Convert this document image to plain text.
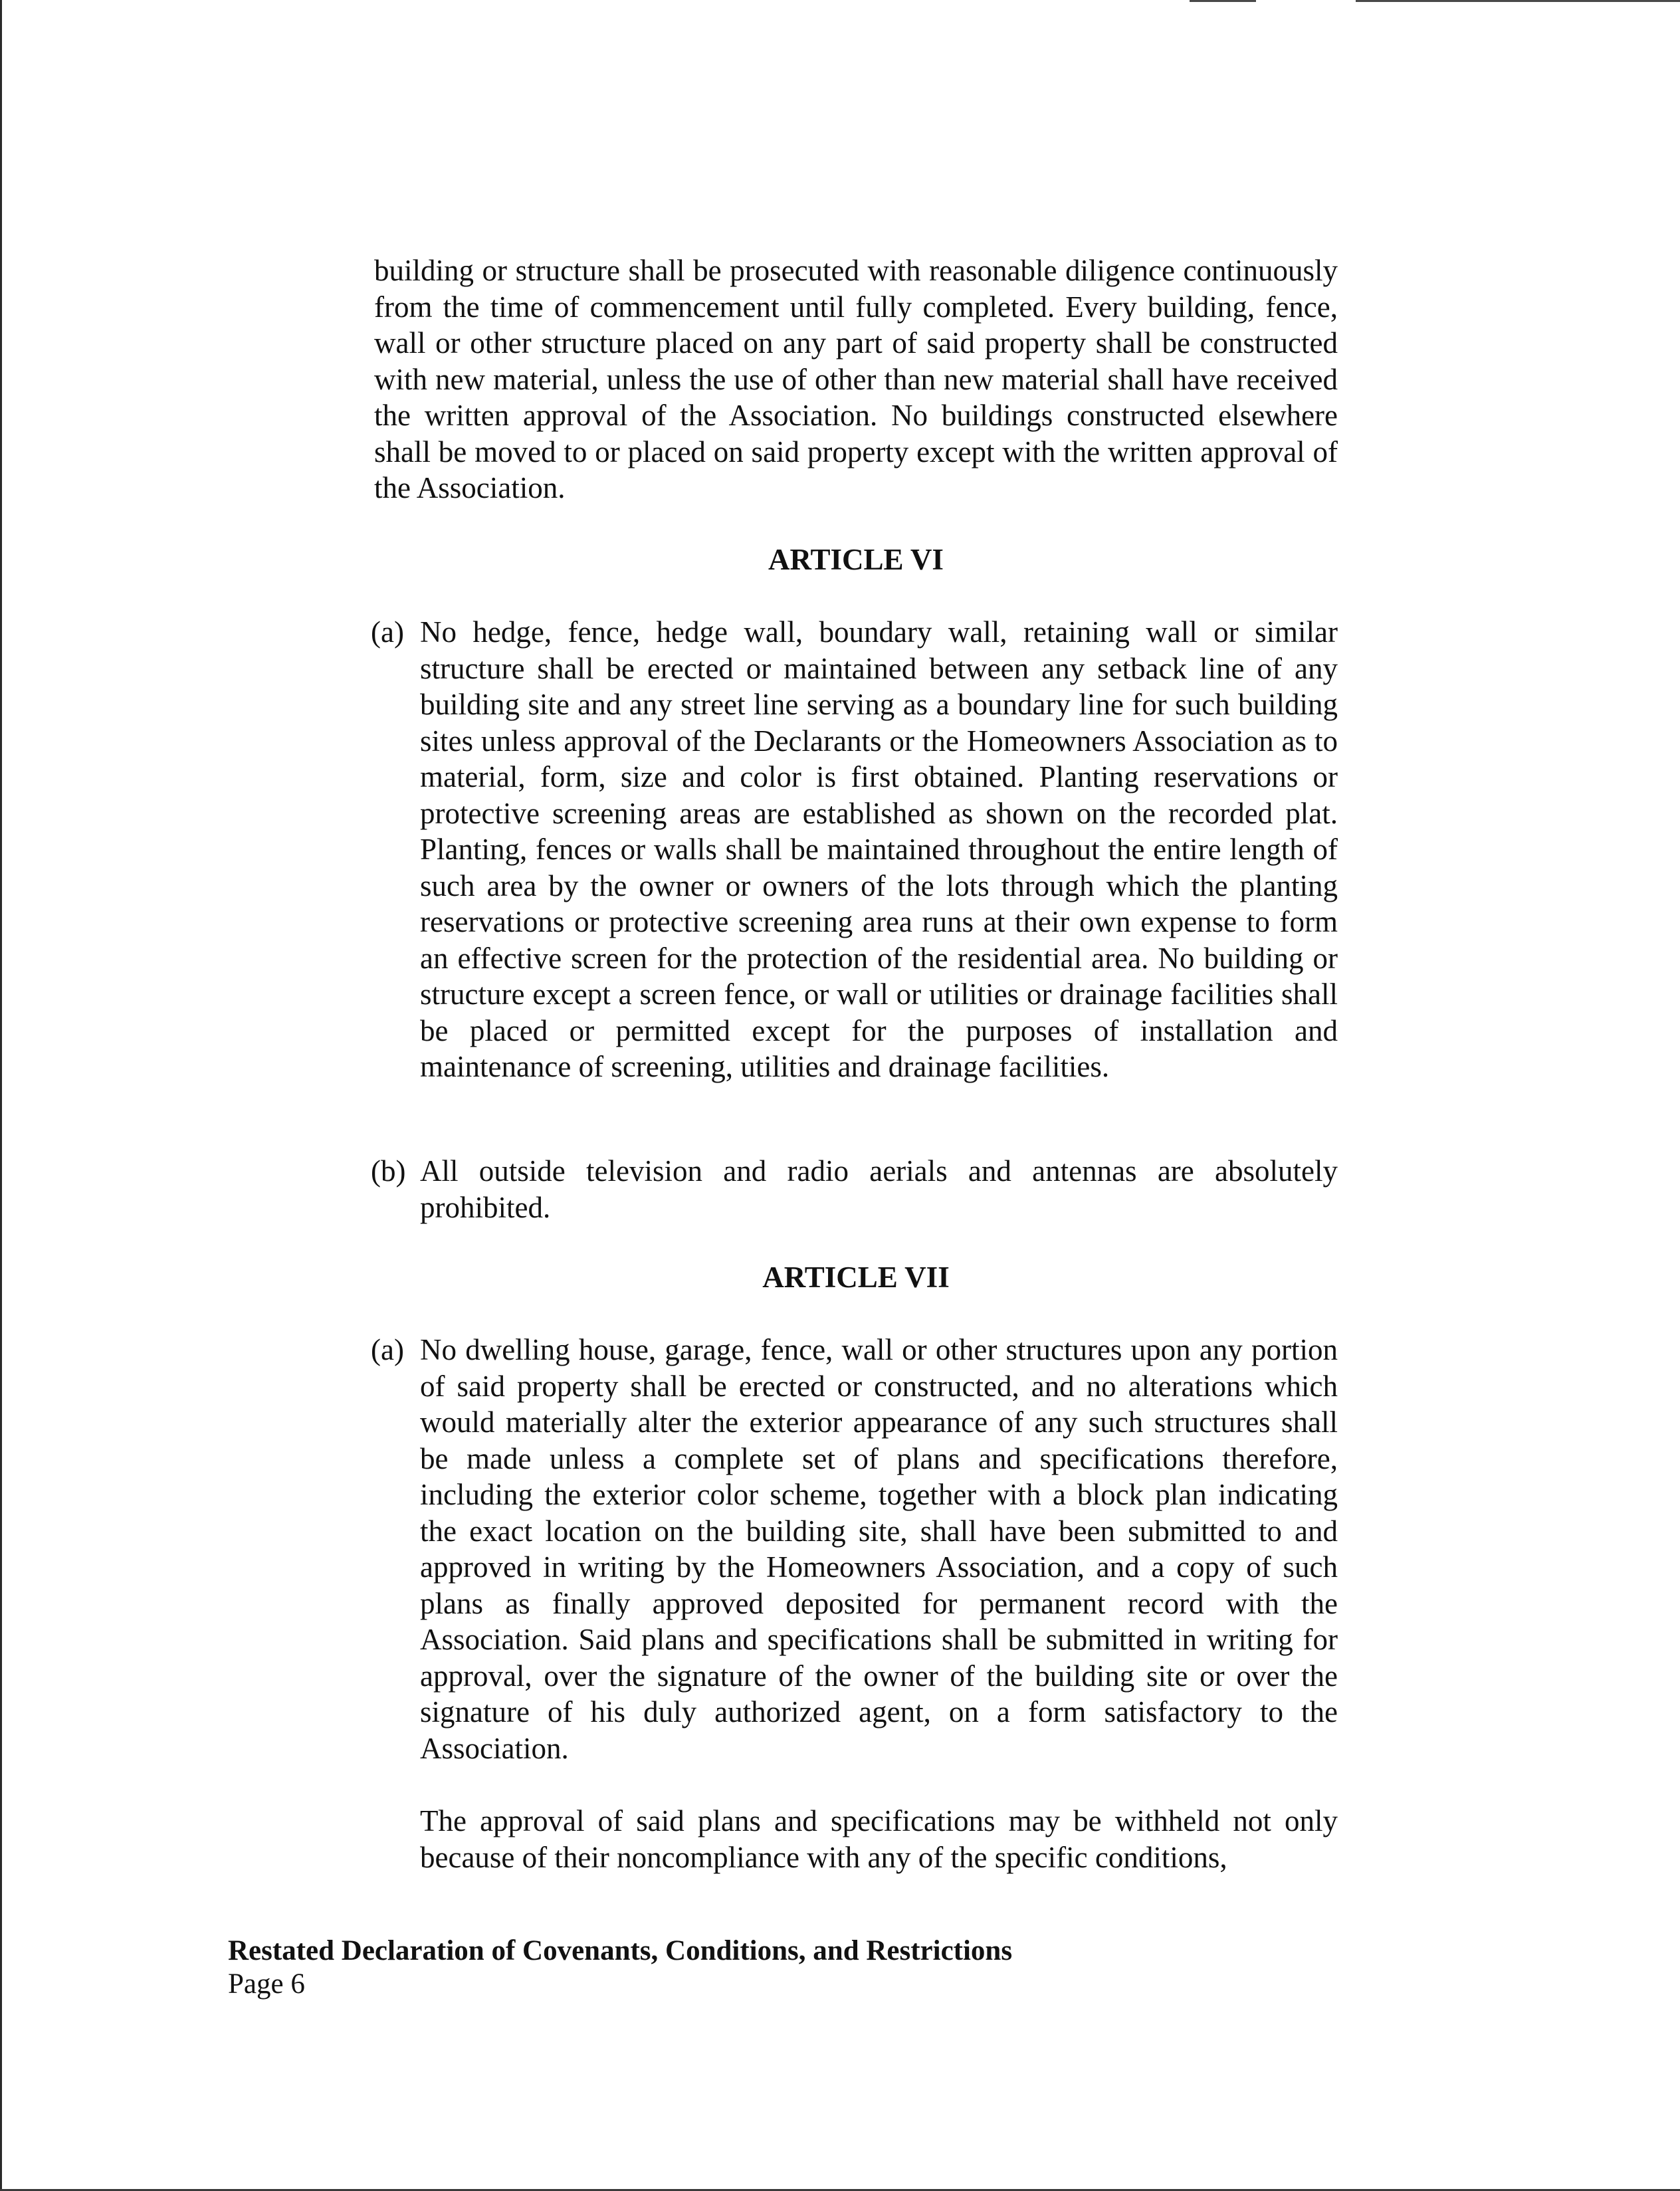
building or structure shall be prosecuted with reasonable diligence continuously from the time of commencement until fully completed. Every building, fence, wall or other structure placed on any part of said property shall be constructed with new material, unless the use of other than new material shall have received the written approval of the Association. No buildings constructed elsewhere shall be moved to or placed on said property except with the written approval of the Association.

ARTICLE VI
(a) No hedge, fence, hedge wall, boundary wall, retaining wall or similar structure shall be erected or maintained between any setback line of any building site and any street line serving as a boundary line for such building sites unless approval of the Declarants or the Homeowners Association as to material, form, size and color is first obtained. Planting reservations or protective screening areas are established as shown on the recorded plat. Planting, fences or walls shall be maintained throughout the entire length of such area by the owner or owners of the lots through which the planting reservations or protective screening area runs at their own expense to form an effective screen for the protection of the residential area. No building or structure except a screen fence, or wall or utilities or drainage facilities shall be placed or permitted except for the purposes of installation and maintenance of screening, utilities and drainage facilities.
(b) All outside television and radio aerials and antennas are absolutely prohibited.
ARTICLE VII
(a) No dwelling house, garage, fence, wall or other structures upon any portion of said property shall be erected or constructed, and no alterations which would materially alter the exterior appearance of any such structures shall be made unless a complete set of plans and specifications therefore, including the exterior color scheme, together with a block plan indicating the exact location on the building site, shall have been submitted to and approved in writing by the Homeowners Association, and a copy of such plans as finally approved deposited for permanent record with the Association. Said plans and specifications shall be submitted in writing for approval, over the signature of the owner of the building site or over the signature of his duly authorized agent, on a form satisfactory to the Association.

The approval of said plans and specifications may be withheld not only because of their noncompliance with any of the specific conditions,

Restated Declaration of Covenants, Conditions, and Restrictions
Page 6
